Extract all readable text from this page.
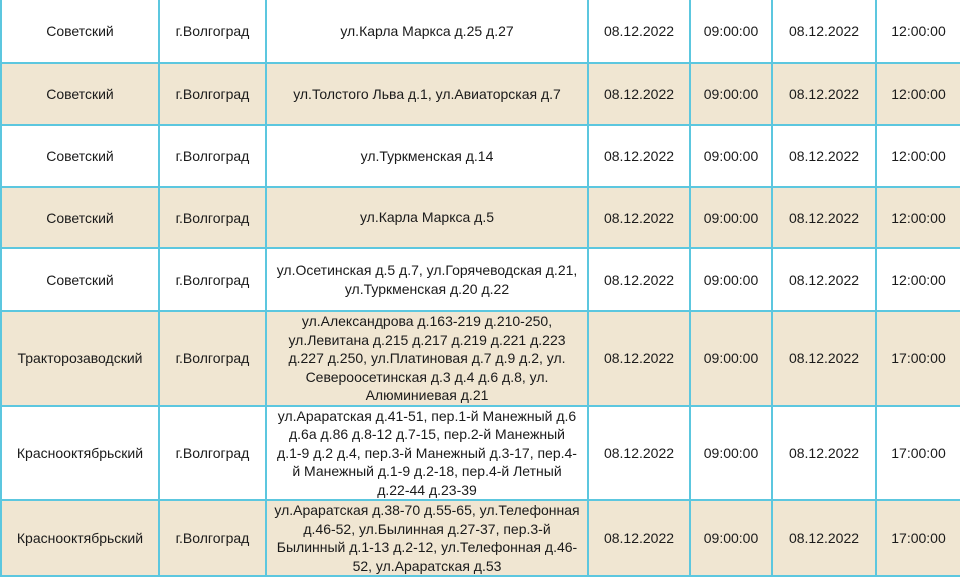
Советский	г.Волгоград	ул.Карла Маркса д.25 д.27	08.12.2022	09:00:00	08.12.2022	12:00:00
Советский	г.Волгоград	ул.Толстого Льва д.1, ул.Авиаторская д.7	08.12.2022	09:00:00	08.12.2022	12:00:00
Советский	г.Волгоград	ул.Туркменская д.14	08.12.2022	09:00:00	08.12.2022	12:00:00
Советский	г.Волгоград	ул.Карла Маркса д.5	08.12.2022	09:00:00	08.12.2022	12:00:00
Советский	г.Волгоград	ул.Осетинская д.5 д.7, ул.Горячеводская д.21,
ул.Туркменская д.20 д.22	08.12.2022	09:00:00	08.12.2022	12:00:00
Тракторозаводский	г.Волгоград	ул.Александрова д.163-219 д.210-250,
ул.Левитана д.215 д.217 д.219 д.221 д.223
д.227 д.250, ул.Платиновая д.7 д.9 д.2, ул.
Североосетинская д.3 д.4 д.6 д.8, ул.
Алюминиевая д.21	08.12.2022	09:00:00	08.12.2022	17:00:00
Краснооктябрьский	г.Волгоград	ул.Араратская д.41-51, пер.1-й Манежный д.6
д.6а д.86 д.8-12 д.7-15, пер.2-й Манежный
д.1-9 д.2 д.4, пер.3-й Манежный д.3-17, пер.4-
й Манежный д.1-9 д.2-18, пер.4-й Летный
д.22-44 д.23-39	08.12.2022	09:00:00	08.12.2022	17:00:00
Краснооктябрьский	г.Волгоград	ул.Араратская д.38-70 д.55-65, ул.Телефонная
д.46-52, ул.Былинная д.27-37, пер.3-й
Былинный д.1-13 д.2-12, ул.Телефонная д.46-
52, ул.Араратская д.53	08.12.2022	09:00:00	08.12.2022	17:00:00
